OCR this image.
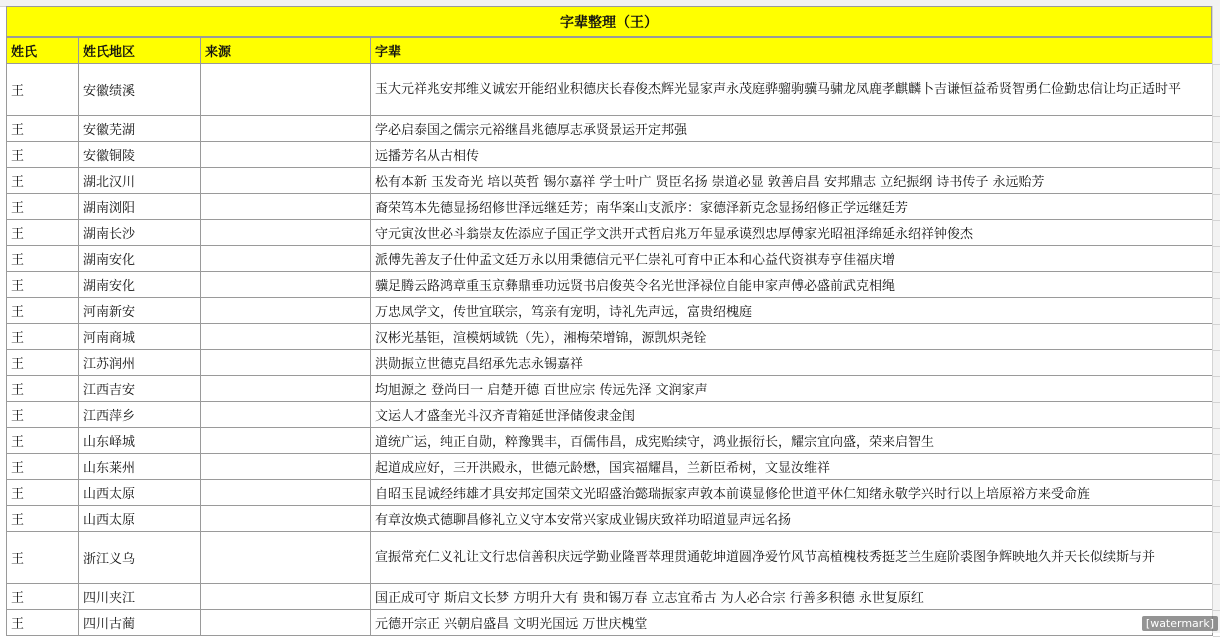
字辈整理（王）
姓氏	姓氏地区	来源	字辈
王	安徽绩溪		玉大元祥兆安邦维义诚宏开能绍业积德庆长春俊杰辉光显家声永茂庭骅骝驹骥马骕龙凤鹿孝麒麟卜吉谦恒益希贤智勇仁俭勤忠信让均正适时平
王	安徽芜湖		学必启泰国之儒宗元裕继昌兆德厚志承贤景运开定邦强
王	安徽铜陵		远播芳名从古相传
王	湖北汉川		松有本新 玉发奇光 培以英哲 锡尔嘉祥 学士叶广 贤臣名扬 崇道必显 敦善启昌 安邦鼎志 立纪振纲 诗书传子 永远贻芳
王	湖南浏阳		裔荣笃本先德显扬绍修世泽远继廷芳；南华案山支派序：家德泽新克念显扬绍修正学远继廷芳
王	湖南长沙		守元寅汝世必斗翁崇友佐添应子国正学文洪开式哲启兆万年显承谟烈忠厚傅家光昭祖泽绵延永绍祥钟俊杰
王	湖南安化		派傅先善友子仕仲孟文廷万永以用秉德信元平仁崇礼可育中正本和心益代资祺寿亨佳福庆增
王	湖南安化		骥足腾云路鸿章重玉京彝鼎垂功远贤书启俊英令名光世泽禄位自能申家声傅必盛前武克相绳
王	河南新安		万忠凤学文，传世宜联宗，笃亲有宠明，诗礼先声远，富贵绍槐庭
王	河南商城		汉彬光基钜，渲模炳域铣（先），湘梅荣增锦，源凯炽尧铨
王	江苏润州		洪勋振立世德克昌绍承先志永锡嘉祥
王	江西吉安		均旭源之 登尚曰一 启楚开德 百世应宗 传远先泽 文润家声
王	江西萍乡		文运人才盛奎光斗汉齐青箱延世泽储俊隶金闺
王	山东峄城		道统广运，纯正自勋，粹豫巽丰，百儒伟昌，成宪贻续守，鸿业振衍长，耀宗宜向盛，荣来启智生
王	山东莱州		起道成应好，三开洪殿永，世德元龄懋，国宾福耀昌，兰新臣希树，文显汝维祥
王	山西太原		自昭玉昆诚经纬雄才具安邦定国荣文光昭盛治懿瑞振家声敦本前谟显修伦世道平休仁知绪永敬学兴时行以上培原裕方来受命旌
王	山西太原		有章汝焕式德聊昌修礼立义守本安常兴家成业锡庆致祥功昭道显声远名扬
王	浙江义乌		宣振常充仁义礼让文行忠信善积庆远学勤业隆晋萃理贯通乾坤道圆净爱竹风节高植槐枝秀挺芝兰生庭阶裘图争辉映地久并天长似续斯与并
王	四川夹江		国正成可守 斯启文长梦 方明升大有 贵和锡万春 立志宜希古 为人必合宗 行善多积德 永世复原红
王	四川古蔺		元德开宗正 兴朝启盛昌 文明光国远 万世庆槐堂	[watermark]
